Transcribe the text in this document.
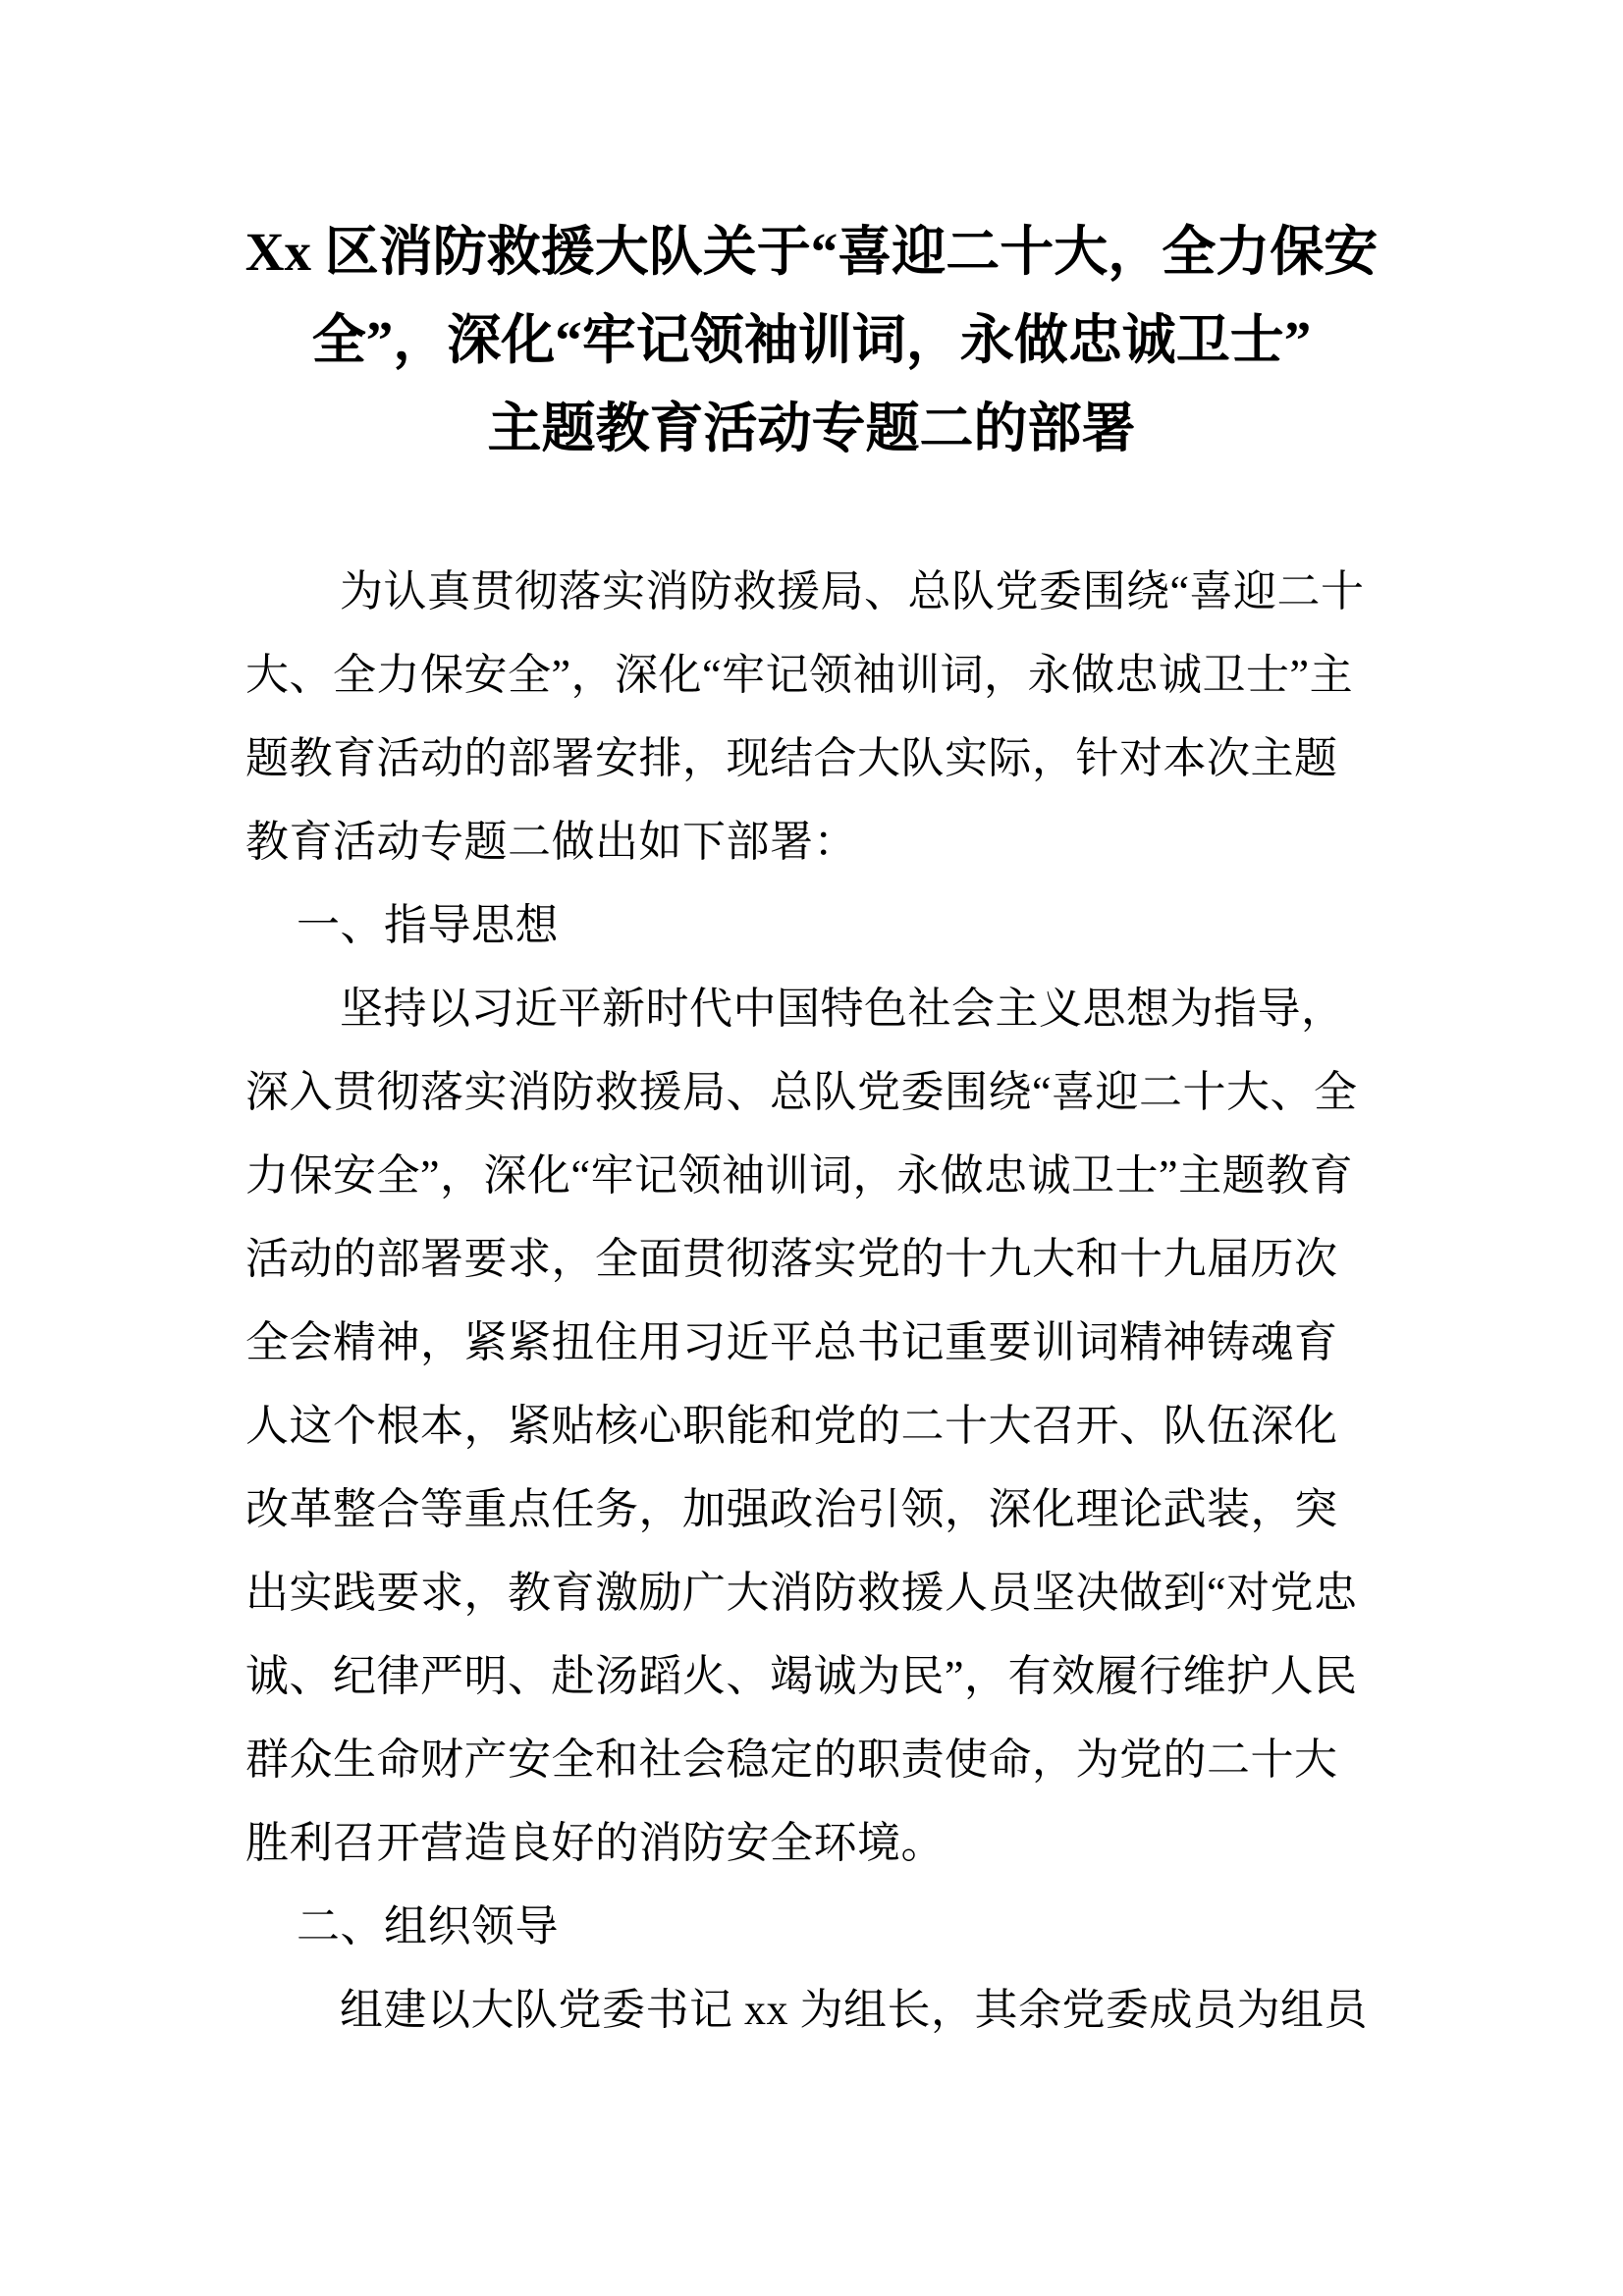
Xx 区消防救援大队关于“喜迎二十大，全力保安
全”，深化“牢记领袖训词，永做忠诚卫士”
主题教育活动专题二的部署
为认真贯彻落实消防救援局、总队党委围绕“喜迎二十
大、全力保安全”，深化“牢记领袖训词，永做忠诚卫士”主
题教育活动的部署安排，现结合大队实际，针对本次主题
教育活动专题二做出如下部署：
一、指导思想
坚持以习近平新时代中国特色社会主义思想为指导，
深入贯彻落实消防救援局、总队党委围绕“喜迎二十大、全
力保安全”，深化“牢记领袖训词，永做忠诚卫士”主题教育
活动的部署要求，全面贯彻落实党的十九大和十九届历次
全会精神，紧紧扭住用习近平总书记重要训词精神铸魂育
人这个根本，紧贴核心职能和党的二十大召开、队伍深化
改革整合等重点任务，加强政治引领，深化理论武装，突
出实践要求，教育激励广大消防救援人员坚决做到“对党忠
诚、纪律严明、赴汤蹈火、竭诚为民”，有效履行维护人民
群众生命财产安全和社会稳定的职责使命，为党的二十大
胜利召开营造良好的消防安全环境。
二、组织领导
组建以大队党委书记 xx 为组长，其余党委成员为组员
